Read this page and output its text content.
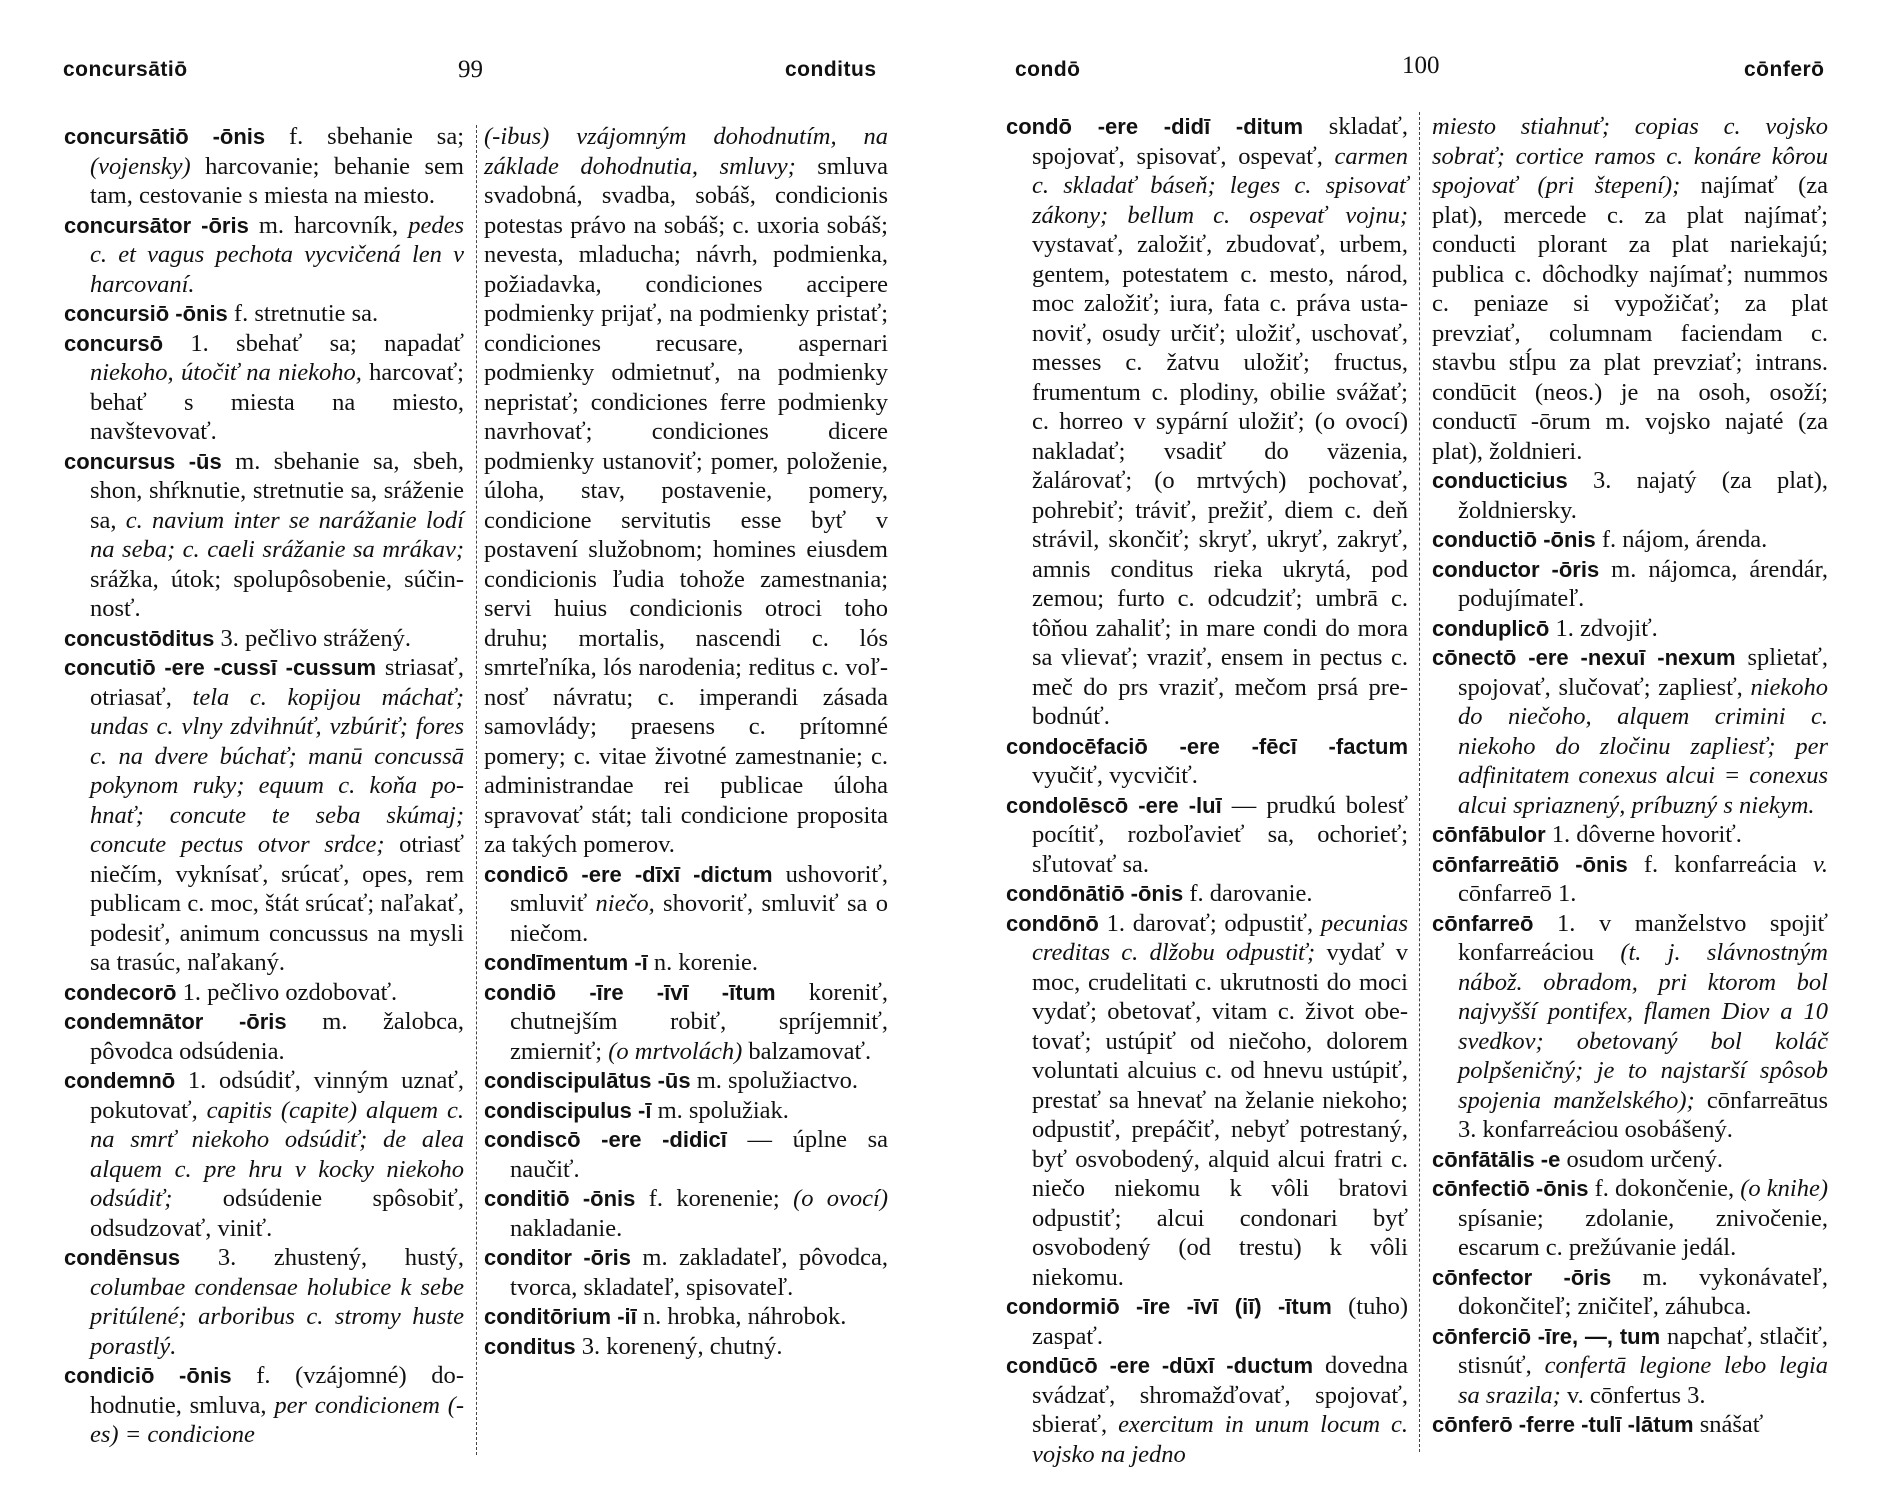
concursātiō	99	conditus

concursātiō -ōnis f. sbehanie sa; (vojensky) harcovanie; behanie sem tam, cestovanie s miesta na miesto.

concursātor -ōris m. harcovník, pedes c. et vagus pechota vycvičená len v harcovaní.

concursiō -ōnis f. stretnutie sa.

concursō 1. sbehať sa; napadať niekoho, útočiť na niekoho, harcovať; behať s miesta na miesto, navštevovať.

concursus -ūs m. sbehanie sa, sbeh, shon, shŕknutie, stretnutie sa, sráženie sa, c. navium inter se narážanie lodí na seba; c. caeli srážanie sa mrákav; srážka, útok; spolupôsobenie, súčinnosť.

concustōditus 3. pečlivo strážený.

concutiō -ere -cussī -cussum striasať, otriasať, tela c. kopijou máchať; undas c. vlny zdvihnúť, vzbúriť; fores c. na dvere búchať; manū concussā pokynom ruky; equum c. koňa pohnať; concute te seba skúmaj; concute pectus otvor srdce; otriasť niečím, vyknísať, srúcať, opes, rem publicam c. moc, štát srúcať; naľakať, podesiť, animum concussus na mysli sa trasúc, naľakaný.

condecorō 1. pečlivo ozdobovať.

condemnātor -ōris m. žalobca, pôvodca odsúdenia.

condemnō 1. odsúdiť, vinným uznať, pokutovať, capitis (capite) alquem c. na smrť niekoho odsúdiť; de alea alquem c. pre hru v kocky niekoho odsúdiť; odsúdenie spôsobiť, odsudzovať, viniť.

condēnsus 3. zhustený, hustý, columbae condensae holubice k sebe pritúlené; arboribus c. stromy huste porastlý.

condiciō -ōnis f. (vzájomné) dohodnutie, smluva, per condicionem (-es) = condicione

(-ibus) vzájomným dohodnutím, na základe dohodnutia, smluvy; smluva svadobná, svadba, sobáš, condicionis potestas právo na sobáš; c. uxoria sobáš; nevesta, mladucha; návrh, podmienka, požiadavka, condiciones accipere podmienky prijať, na podmienky pristať; condiciones recusare, aspernari podmienky odmietnuť, na podmienky nepristať; condiciones ferre podmienky navrhovať; condiciones dicere podmienky ustanoviť; pomer, položenie, úloha, stav, postavenie, pomery, condicione servitutis esse byť v postavení služobnom; homines eiusdem condicionis ľudia tohože zamestnania; servi huius condicionis otroci toho druhu; mortalis, nascendi c. lós smrteľníka, lós narodenia; reditus c. voľnosť návratu; c. imperandi zásada samovlády; praesens c. prítomné pomery; c. vitae životné zamestnanie; c. administrandae rei publicae úloha spravovať stát; tali condicione proposita za takých pomerov.

condicō -ere -dīxī -dictum ushovoriť, smluviť niečo, shovoriť, smluviť sa o niečom.

condīmentum -ī n. korenie.

condiō -īre -īvī -ītum koreniť, chutnejším robiť, spríjemniť, zmierniť; (o mrtvolách) balzamovať.

condiscipulātus -ūs m. spolužiactvo.

condiscipulus -ī m. spolužiak.

condiscō -ere -didicī — úplne sa naučiť.

conditiō -ōnis f. korenenie; (o ovocí) nakladanie.

conditor -ōris m. zakladateľ, pôvodca, tvorca, skladateľ, spisovateľ.

conditōrium -iī n. hrobka, náhrobok.

conditus 3. korenený, chutný.

condō	100	cōnferō

condō -ere -didī -ditum skladať, spojovať, spisovať, ospevať, carmen c. skladať báseň; leges c. spisovať zákony; bellum c. ospevať vojnu; vystavať, založiť, zbudovať, urbem, gentem, potestatem c. mesto, národ, moc založiť; iura, fata c. práva ustanoviť, osudy určiť; uložiť, uschovať, messes c. žatvu uložiť; fructus, frumentum c. plodiny, obilie svážať; c. horreo v sypární uložiť; (o ovocí) nakladať; vsadiť do väzenia, žalárovať; (o mrtvých) pochovať, pohrebiť; tráviť, prežiť, diem c. deň strávil, skončiť; skryť, ukryť, zakryť, amnis conditus rieka ukrytá, pod zemou; furto c. odcudziť; umbrā c. tôňou zahaliť; in mare condi do mora sa vlievať; vraziť, ensem in pectus c. meč do prs vraziť, mečom prsá prebodnúť.

condocēfaciō -ere -fēcī -factum vyučiť, vycvičiť.

condolēscō -ere -luī — prudkú bolesť pocítiť, rozboľavieť sa, ochorieť; sľutovať sa.

condōnātiō -ōnis f. darovanie.

condōnō 1. darovať; odpustiť, pecunias creditas c. dlžobu odpustiť; vydať v moc, crudelitati c. ukrutnosti do moci vydať; obetovať, vitam c. život obetovať; ustúpiť od niečoho, dolorem voluntati alcuius c. od hnevu ustúpiť, prestať sa hnevať na želanie niekoho; odpustiť, prepáčiť, nebyť potrestaný, byť osvobodený, alquid alcui fratri c. niečo niekomu k vôli bratovi odpustiť; alcui condonari byť osvobodený (od trestu) k vôli niekomu.

condormiō -īre -īvī (iī) -ītum (tuho) zaspať.

condūcō -ere -dūxī -ductum dovedna svádzať, shromažďovať, spojovať, sbierať, exercitum in unum locum c. vojsko na jedno

miesto stiahnuť; copias c. vojsko sobrať; cortice ramos c. konáre kôrou spojovať (pri štepení); najímať (za plat), mercede c. za plat najímať; conducti plorant za plat nariekajú; publica c. dôchodky najímať; nummos c. peniaze si vypožičať; za plat prevziať, columnam faciendam c. stavbu stĺpu za plat prevziať; intrans. condūcit (neos.) je na osoh, osoží; conductī -ōrum m. vojsko najaté (za plat), žoldnieri.

conducticius 3. najatý (za plat), žoldniersky.

conductiō -ōnis f. nájom, árenda.

conductor -ōris m. nájomca, árendár, podujímateľ.

conduplicō 1. zdvojiť.

cōnectō -ere -nexuī -nexum splietať, spojovať, slučovať; zapliesť, niekoho do niečoho, alquem crimini c. niekoho do zločinu zapliesť; per adfinitatem conexus alcui = conexus alcui spriaznený, príbuzný s niekym.

cōnfābulor 1. dôverne hovoriť.

cōnfarreātiō -ōnis f. konfarreácia v. cōnfarreō 1.

cōnfarreō 1. v manželstvo spojiť konfarreáciou (t. j. slávnostným nábož. obradom, pri ktorom bol najvyšší pontifex, flamen Diov a 10 svedkov; obetovaný bol koláč polpšeničný; je to najstarší spôsob spojenia manželského); cōnfarreātus 3. konfarreáciou osobášený.

cōnfātālis -e osudom určený.

cōnfectiō -ōnis f. dokončenie, (o knihe) spísanie; zdolanie, znivočenie, escarum c. prežúvanie jedál.

cōnfector -ōris m. vykonávateľ, dokončiteľ; zničiteľ, záhubca.

cōnferciō -īre, —, tum napchať, stlačiť, stisnúť, confertā legione lebo legia sa srazila; v. cōnfertus 3.

cōnferō -ferre -tulī -lātum snášať
